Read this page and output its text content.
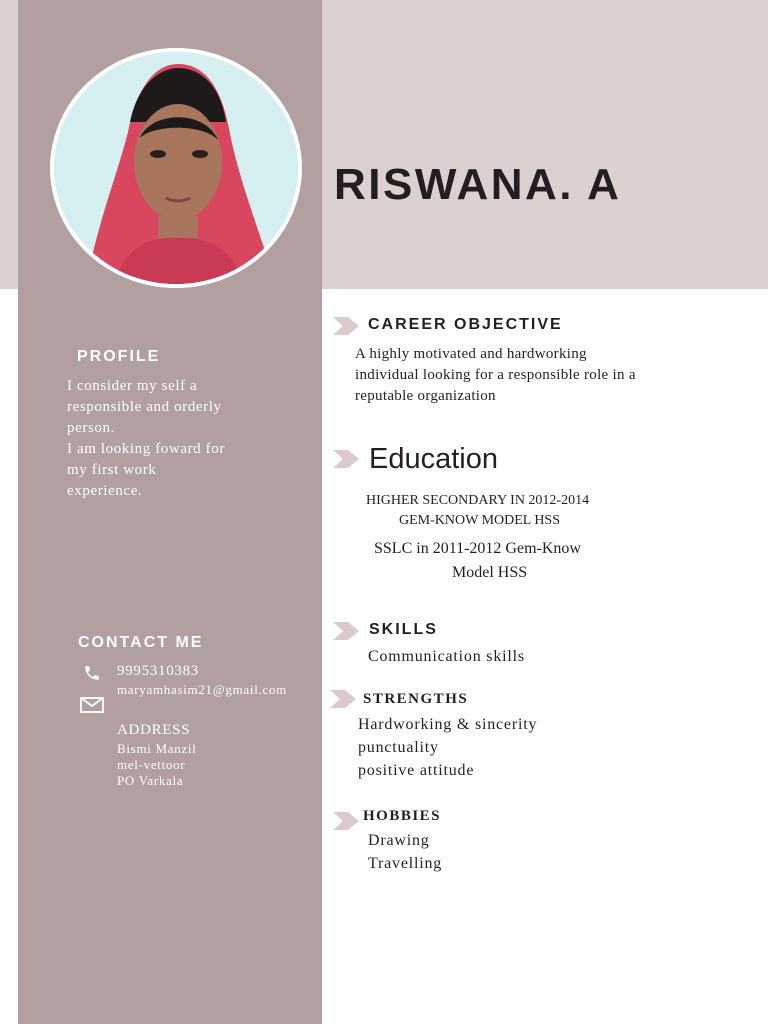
RISWANA. A
PROFILE
I consider my self a
responsible and orderly
person.
I am looking foward for
my first work
experience.
CONTACT ME
9995310383
maryamhasim21@gmail.com
ADDRESS
Bismi Manzil
mel-vettoor
PO Varkala
CAREER OBJECTIVE
A highly motivated and hardworking
individual looking for a responsible role in a
reputable organization
Education
HIGHER SECONDARY IN 2012-2014
GEM-KNOW MODEL HSS
SSLC in 2011-2012 Gem-Know
Model HSS
SKILLS
Communication skills
STRENGTHS
Hardworking & sincerity
punctuality
positive attitude
HOBBIES
Drawing
Travelling
